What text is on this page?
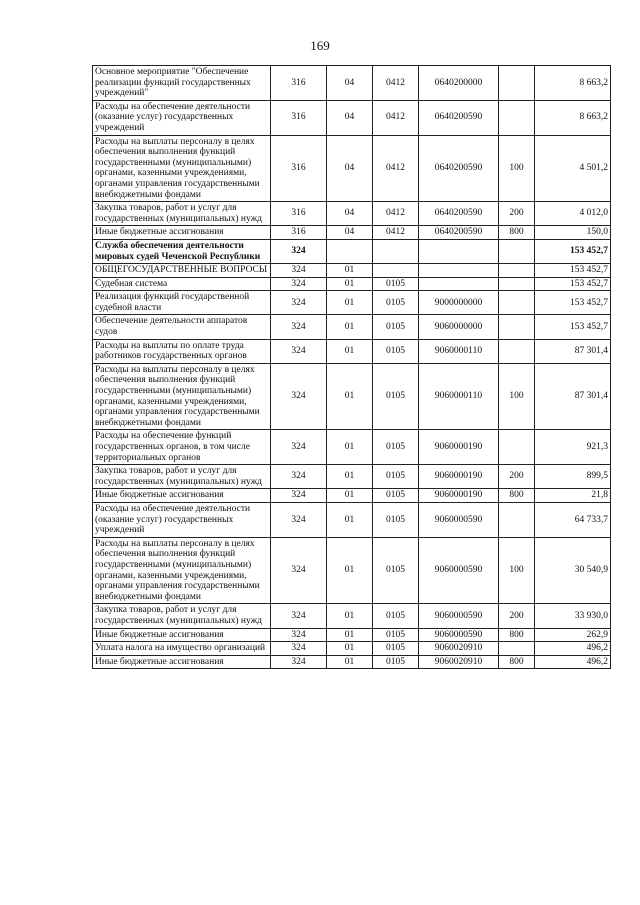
169
Основное мероприятие "Обеспечение реализации функций государственных учреждений"	316	04	0412	0640200000		8 663,2
Расходы на обеспечение деятельности (оказание услуг) государственных учреждений	316	04	0412	0640200590		8 663,2
Расходы на выплаты персоналу в целях обеспечения выполнения функций государственными (муниципальными) органами, казенными учреждениями, органами управления государственными внебюджетными фондами	316	04	0412	0640200590	100	4 501,2
Закупка товаров, работ и услуг для государственных (муниципальных) нужд	316	04	0412	0640200590	200	4 012,0
Иные бюджетные ассигнования	316	04	0412	0640200590	800	150,0
Служба обеспечения деятельности мировых судей Чеченской Республики	324					153 452,7
ОБЩЕГОСУДАРСТВЕННЫЕ ВОПРОСЫ	324	01				153 452,7
Судебная система	324	01	0105			153 452,7
Реализация функций государственной судебной власти	324	01	0105	9000000000		153 452,7
Обеспечение деятельности аппаратов судов	324	01	0105	9060000000		153 452,7
Расходы на выплаты по оплате труда работников государственных органов	324	01	0105	9060000110		87 301,4
Расходы на выплаты персоналу в целях обеспечения выполнения функций государственными (муниципальными) органами, казенными учреждениями, органами управления государственными внебюджетными фондами	324	01	0105	9060000110	100	87 301,4
Расходы на обеспечение функций государственных органов, в том числе территориальных органов	324	01	0105	9060000190		921,3
Закупка товаров, работ и услуг для государственных (муниципальных) нужд	324	01	0105	9060000190	200	899,5
Иные бюджетные ассигнования	324	01	0105	9060000190	800	21,8
Расходы на обеспечение деятельности (оказание услуг) государственных учреждений	324	01	0105	9060000590		64 733,7
Расходы на выплаты персоналу в целях обеспечения выполнения функций государственными (муниципальными) органами, казенными учреждениями, органами управления государственными внебюджетными фондами	324	01	0105	9060000590	100	30 540,9
Закупка товаров, работ и услуг для государственных (муниципальных) нужд	324	01	0105	9060000590	200	33 930,0
Иные бюджетные ассигнования	324	01	0105	9060000590	800	262,9
Уплата налога на имущество организаций	324	01	0105	9060020910		496,2
Иные бюджетные ассигнования	324	01	0105	9060020910	800	496,2
